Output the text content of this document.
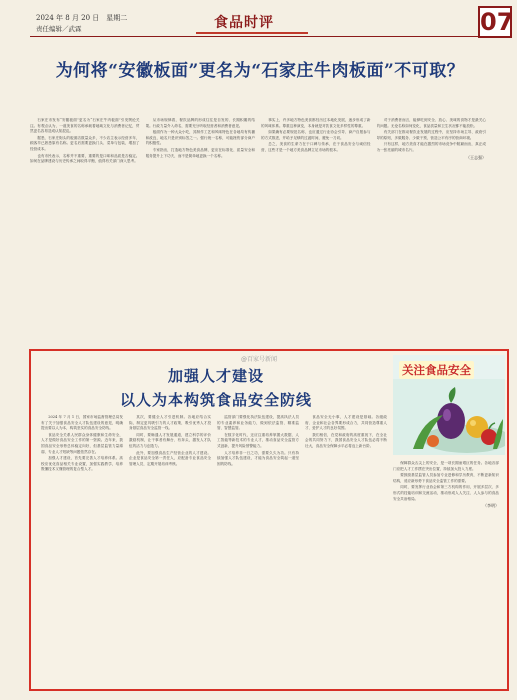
2024 年 8 月 20 日　星期二
责任编辑／武霖	食品时评	07
为何将“安徽板面”更名为“石家庄牛肉板面”不可取？

石家庄市发布“安徽板面”更名为“石家庄牛肉板面”引发舆论关注。有观点认为，一道美食的名称承载着地域文化与消费者记忆，贸然更名容易造成认知混乱。

据悉，石家庄街头的板面店数量众多，不少店主表示经营多年，顾客早已熟悉原有名称。更名后需要更换门头、菜单与包装，增加了经营成本。

也有市民表示，名称并不重要，重要的是口味和品质是否稳定。如何在品牌建设与历史传承之间取得平衡，值得有关部门深入思考。

从市场规律看，餐饮品牌的形成往往是自发的、长期积累的结果。行政力量介入命名，需要充分听取经营者和消费者意见。

板面作为一种大众小吃，其制作工艺和风味特色在各地均有传播和改良，地名只是识别标签之一。强行统一名称，可能挫伤部分商户的积极性。

专家指出，打造地方特色美食品牌，更应在标准化、质量安全和服务提升上下功夫，而不是简单地更换一个名称。

事实上，许多地方特色美食都经历过本地化发展，逐步形成了新的风味体系。尊重这种演变，本身就是对饮食文化多样性的尊重。

如果确有必要规范名称，也应通过行业协会引导、商户自愿参与的方式推进，并给予足够的过渡时间，避免一刀切。

总之，美食的生命力在于口碑与传承，在于食品安全与诚信经营，这些才是一个地方美食品牌立足市场的根本。

对于消费者而言，能够吃到安全、放心、美味的食物才是最关心的问题。无论名称如何变化，食品质量和卫生状况都不能放松。

有关部门在推动餐饮业发展的过程中，应坚持市场主导、政府引导的原则，多做服务、少做干预，营造公平有序的营商环境。

只有这样，地方美食才能在激烈的市场竞争中脱颖而出，真正成为一张亮丽的城市名片。

（王志强）
@百家号新闻
加强人才建设
以人为本构筑食品安全防线
关注食品安全

2024 年 7 月 1 日，国家市场监督管理总局发布了关于加强食品安全人才队伍建设的意见，明确提出要以人为本，构筑坚实的食品安全防线。

食品安全关系人民群众身体健康和生命安全，人才是做好食品安全工作的第一资源。近年来，我国食品安全形势总体稳定向好，但基层监管力量薄弱、专业人才短缺等问题依然存在。

加强人才建设，首先要完善人才培养体系。高校应优化食品相关专业设置，加强实践教学，培养既懂技术又懂管理的复合型人才。

其次，要健全人才引进机制。各地应结合实际，制定更具吸引力的人才政策，吸引优秀人才投身基层食品安全监管一线。

同时，要畅通人才发展通道，建立科学的评价激励机制，让干事者有舞台、有奔头，激发人才队伍的活力与创造力。

此外，要加强食品生产经营企业的人才建设。企业是食品安全第一责任人，应配备专业食品安全管理人员，定期开展培训考核。

监管部门要强化执法队伍建设，提高执法人员的专业素养和业务能力，做到依法监管、精准监管、智慧监管。

在数字化时代，还应注重培养掌握大数据、人工智能等新技术的专业人才，推动食品安全监管方式创新，提升风险预警能力。

人才培养非一日之功，需要久久为功。只有持续加强人才队伍建设，才能为食品安全筑起一道坚固的防线。

食品安全无小事，人才建设是基础。各级政府、企业和社会各界要形成合力，共同营造尊重人才、爱护人才的良好氛围。

我们相信，在党和政府的高度重视下，在全社会的共同努力下，我国食品安全人才队伍必将不断壮大，食品安全保障水平必将迈上新台阶。

保障群众舌尖上的安全，是一项长期而艰巨的任务。各地各部门应把人才工作摆在突出位置，持续加大投入力度。

要鼓励基层监管人员参加专业进修和学历教育，不断更新知识结构，适应新形势下食品安全监管工作的需要。

同时，要发挥行业协会和第三方机构的作用，开展多层次、多形式的技能培训和交流活动，推动形成人人关注、人人参与的食品安全共治格局。

（李明）
